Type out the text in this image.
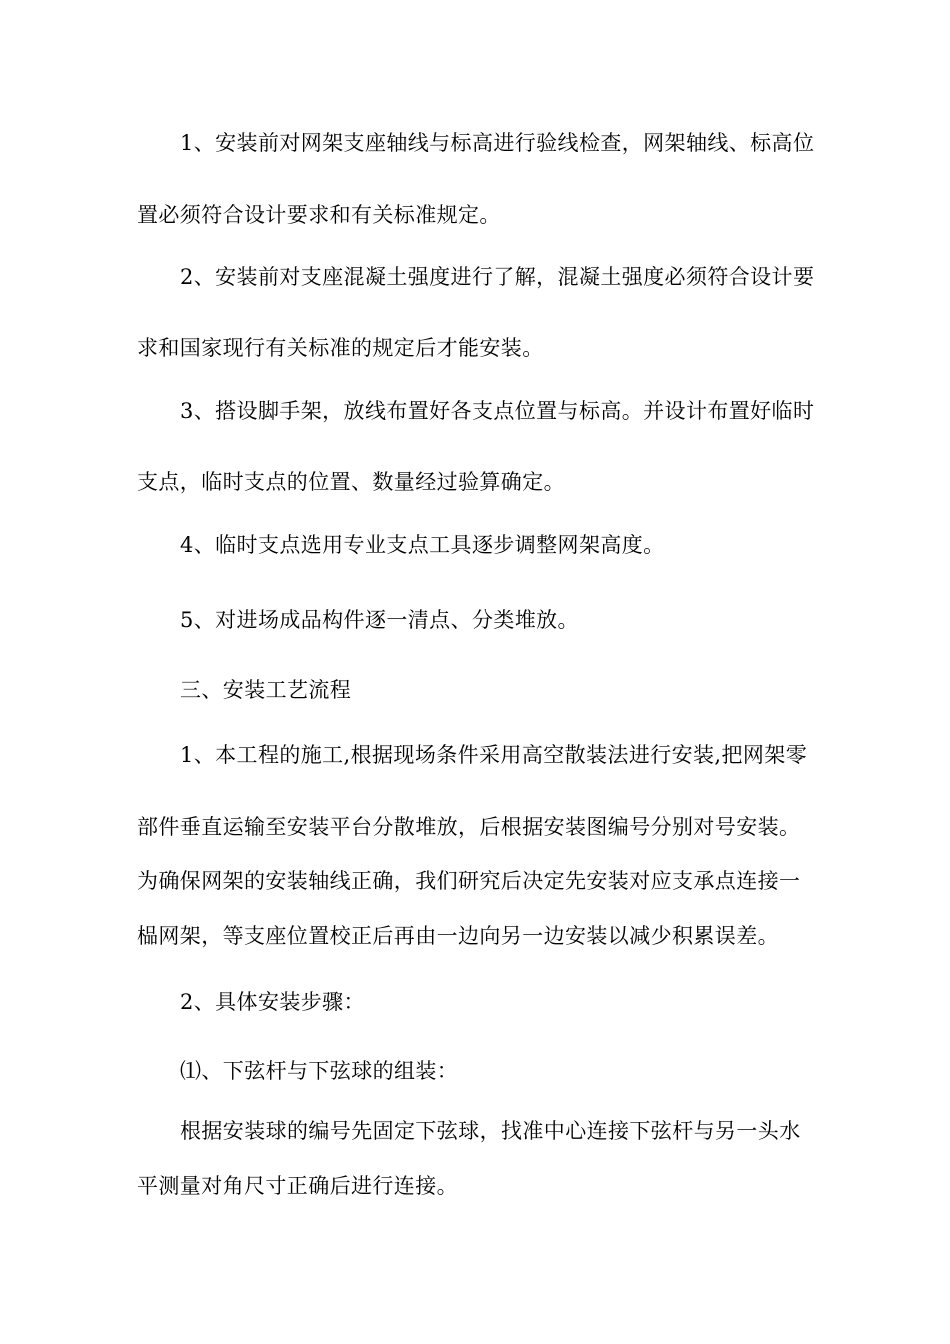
1、安装前对网架支座轴线与标高进行验线检查，网架轴线、标高位
置必须符合设计要求和有关标准规定。
2、安装前对支座混凝土强度进行了解，混凝土强度必须符合设计要
求和国家现行有关标准的规定后才能安装。
3、搭设脚手架，放线布置好各支点位置与标高。并设计布置好临时
支点，临时支点的位置、数量经过验算确定。
4、临时支点选用专业支点工具逐步调整网架高度。
5、对进场成品构件逐一清点、分类堆放。
三、安装工艺流程
1、本工程的施工,根据现场条件采用高空散装法进行安装,把网架零
部件垂直运输至安装平台分散堆放，后根据安装图编号分别对号安装。
为确保网架的安装轴线正确，我们研究后决定先安装对应支承点连接一
榀网架，等支座位置校正后再由一边向另一边安装以减少积累误差。
2、具体安装步骤：
⑴、下弦杆与下弦球的组装：
根据安装球的编号先固定下弦球，找准中心连接下弦杆与另一头水
平测量对角尺寸正确后进行连接。
